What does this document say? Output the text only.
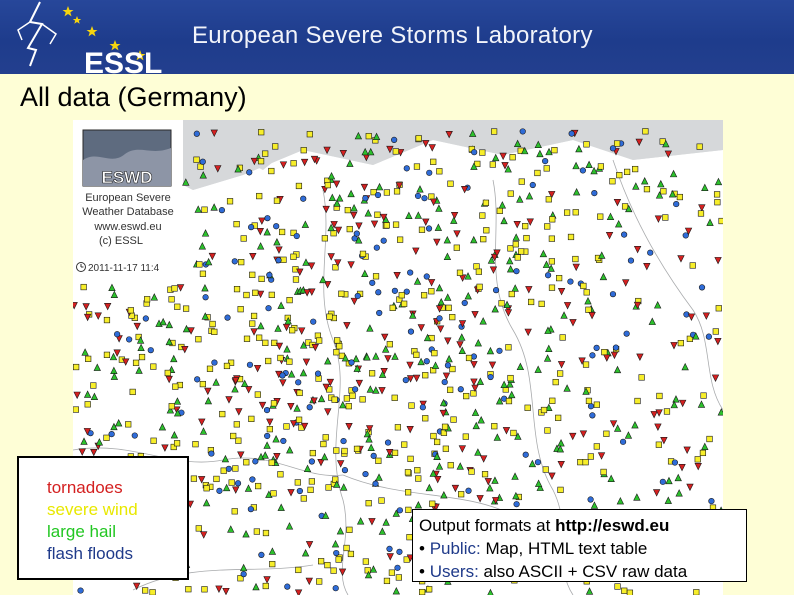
ESSL
European Severe Storms Laboratory
All data (Germany)
ESWD
European Severe
Weather Database
www.eswd.eu
(c) ESSL
2011-11-17 11:4
tornadoes
severe wind
large hail
flash floods
Output formats at http://eswd.eu
• Public: Map, HTML text table
• Users: also ASCII + CSV raw data
